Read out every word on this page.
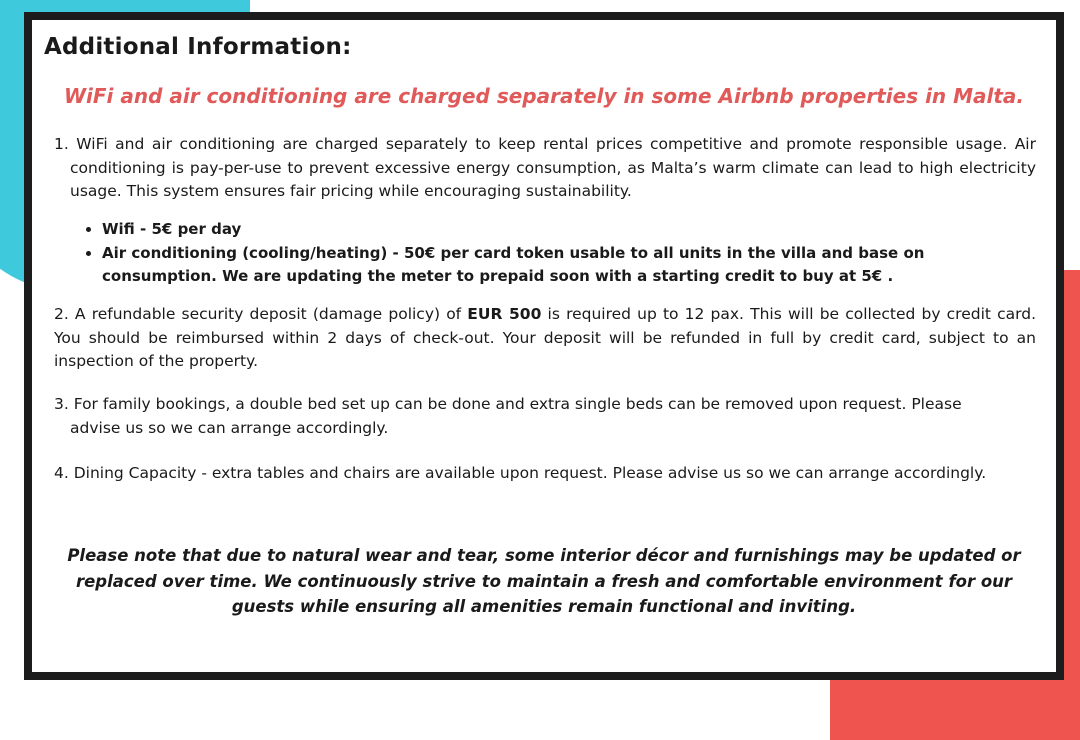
Additional Information:

WiFi and air conditioning are charged separately in some Airbnb properties in Malta.

1. WiFi and air conditioning are charged separately to keep rental prices competitive and promote responsible usage. Air conditioning is pay-per-use to prevent excessive energy consumption, as Malta’s warm climate can lead to high electricity usage. This system ensures fair pricing while encouraging sustainability.

• Wifi - 5€ per day
• Air conditioning (cooling/heating) - 50€ per card token usable to all units in the villa and base on consumption. We are updating the meter to prepaid soon with a starting credit to buy at 5€ .

2. A refundable security deposit (damage policy) of EUR 500 is required up to 12 pax. This will be collected by credit card. You should be reimbursed within 2 days of check-out. Your deposit will be refunded in full by credit card, subject to an inspection of the property.

3. For family bookings, a double bed set up can be done and extra single beds can be removed upon request. Please advise us so we can arrange accordingly.

4. Dining Capacity - extra tables and chairs are available upon request. Please advise us so we can arrange accordingly.

Please note that due to natural wear and tear, some interior décor and furnishings may be updated or replaced over time. We continuously strive to maintain a fresh and comfortable environment for our guests while ensuring all amenities remain functional and inviting.
